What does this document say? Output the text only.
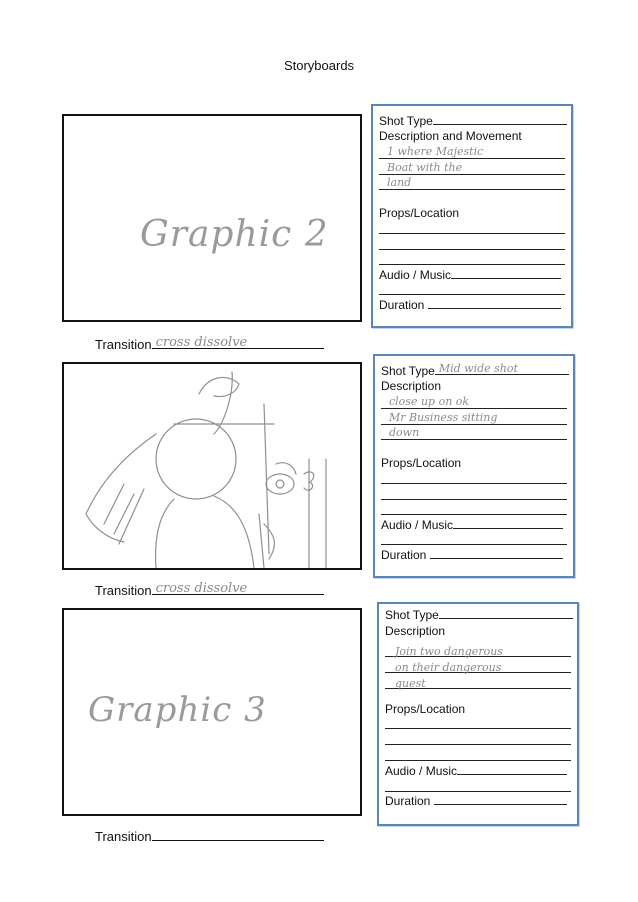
Storyboards
Graphic 2
Transition cross dissolve
Shot Type
Description and Movement
1 where Majestic
Boat with the
land
Props/Location
Audio / Music
Duration
Transition cross dissolve
Shot Type Mid wide shot
Description
close up on ok
Mr Business sitting
down
Props/Location
Audio / Music
Duration
Graphic 3
Transition
Shot Type
Description
Join two dangerous
on their dangerous
quest
Props/Location
Audio / Music
Duration
